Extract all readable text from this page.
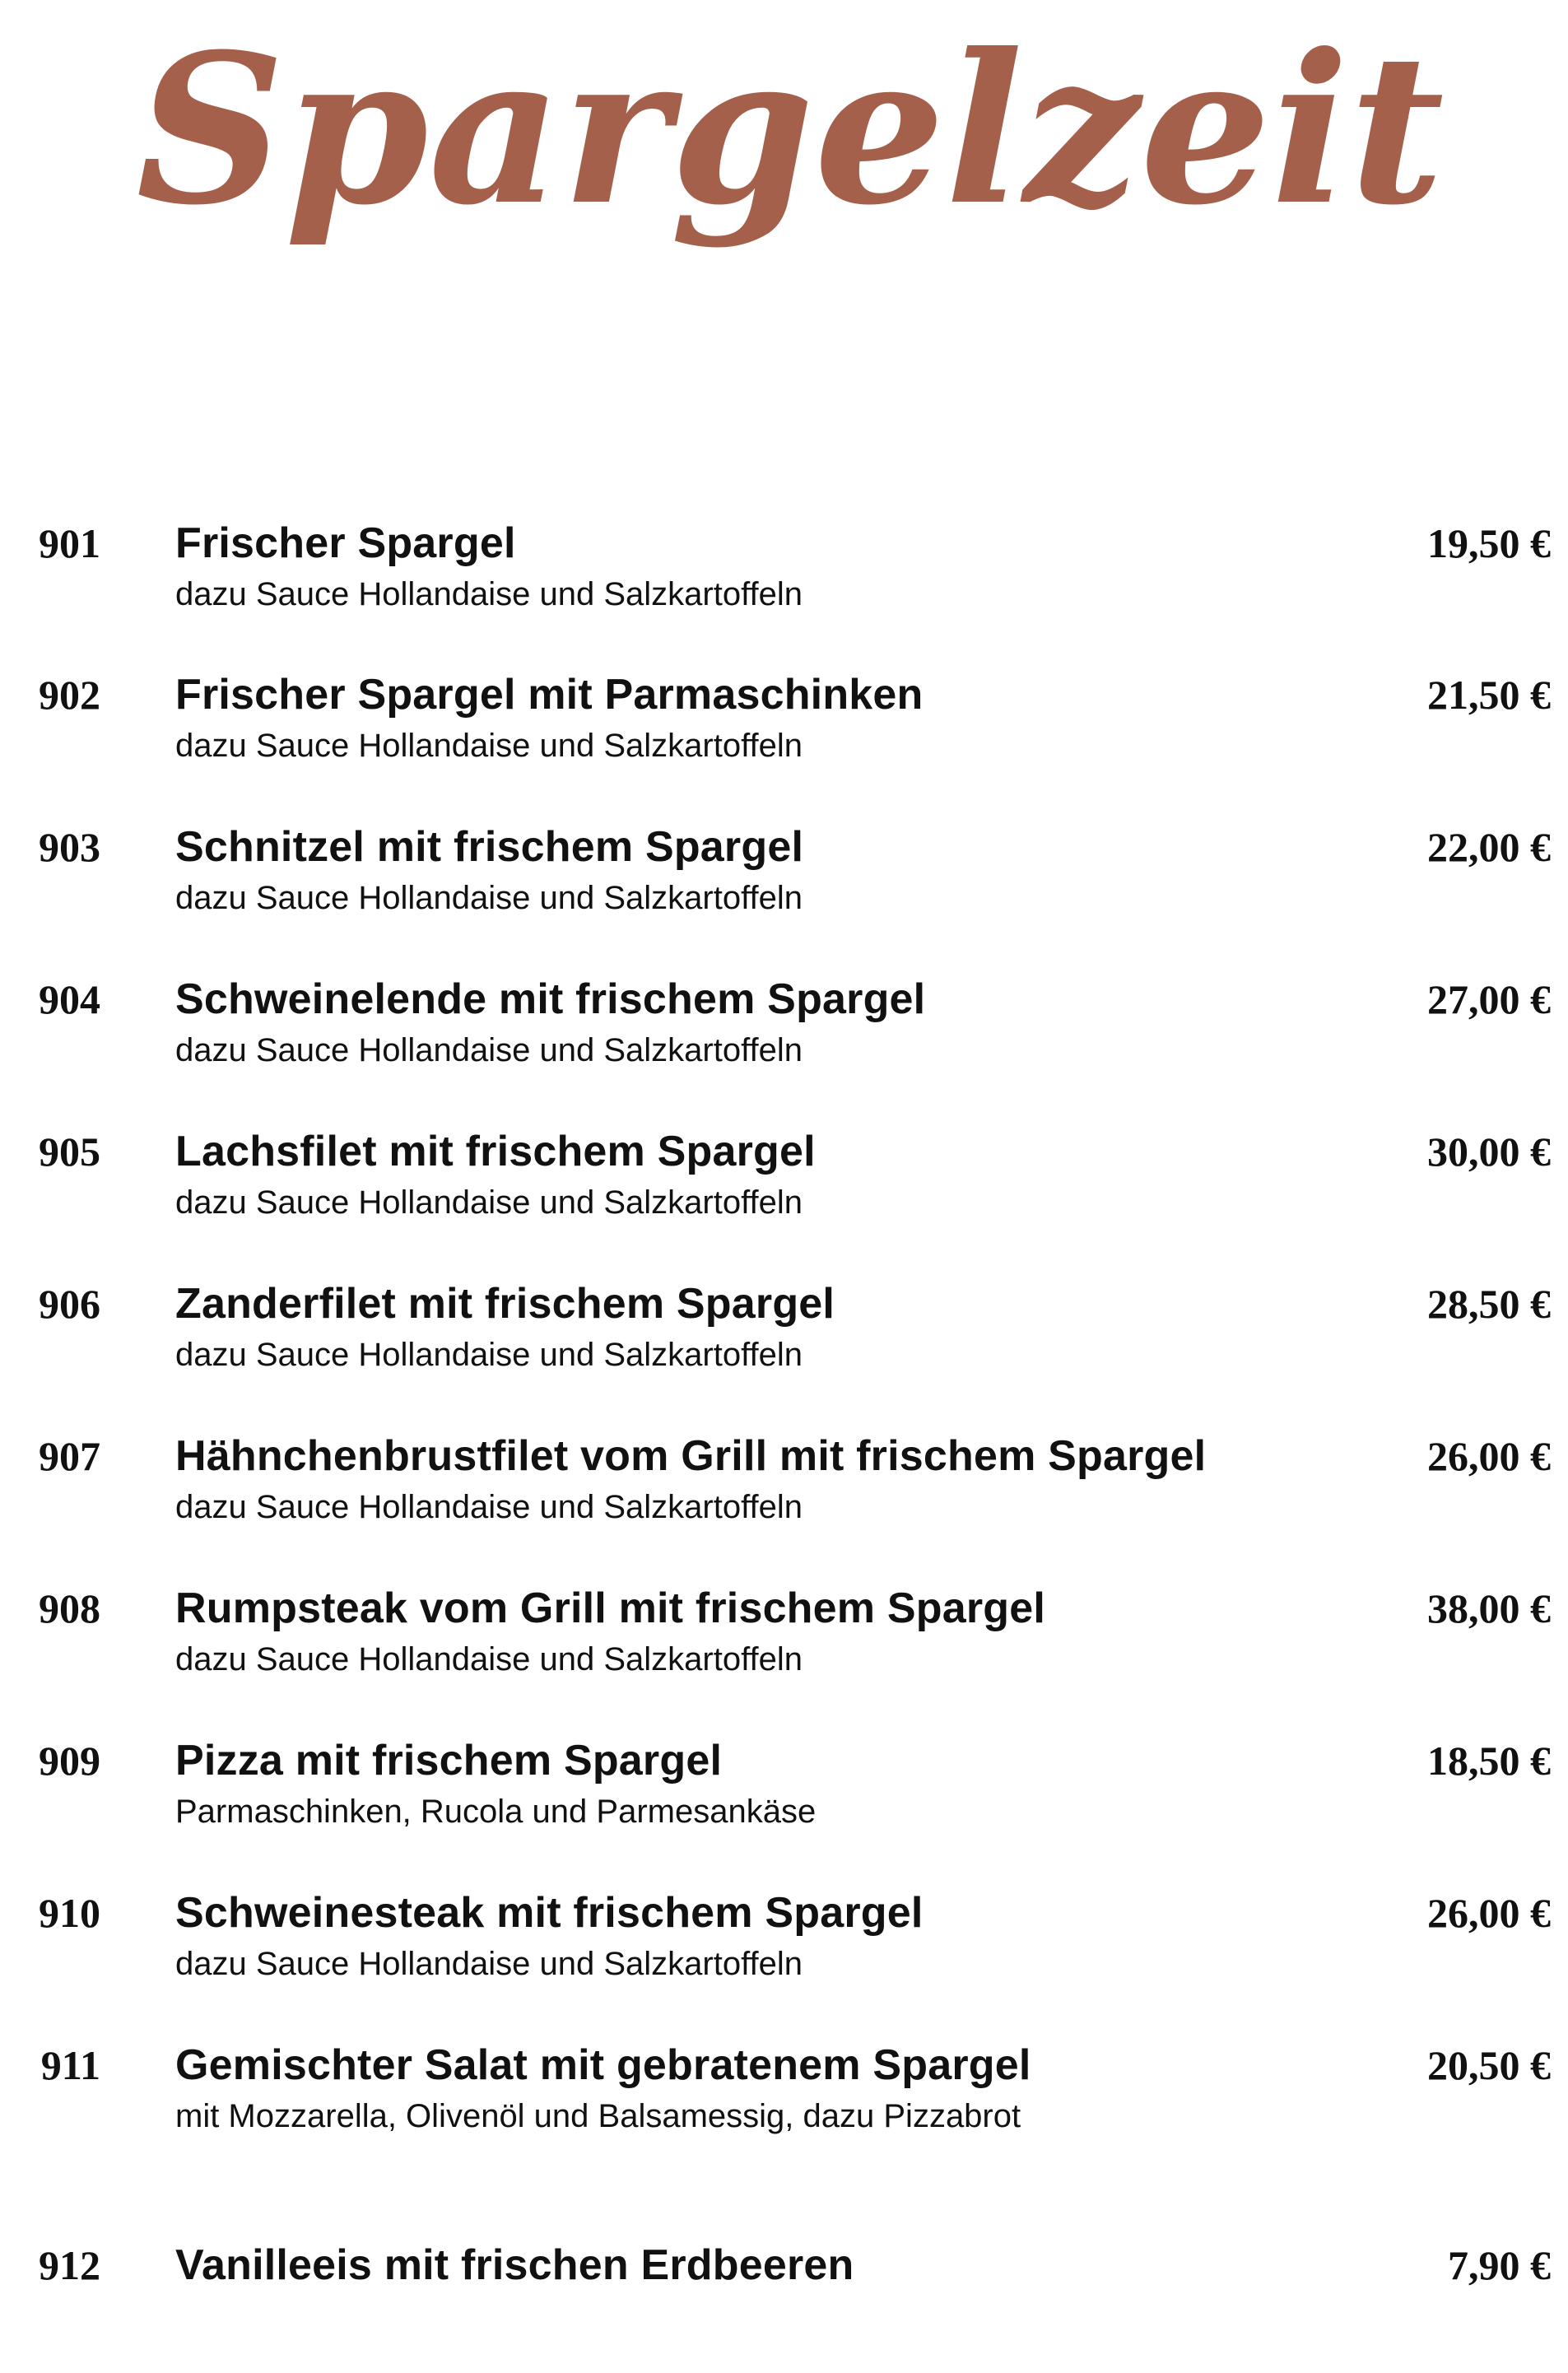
Spargelzeit
901 Frischer Spargel
dazu Sauce Hollandaise und Salzkartoffeln
19,50 €
902 Frischer Spargel mit Parmaschinken
dazu Sauce Hollandaise und Salzkartoffeln
21,50 €
903 Schnitzel mit frischem Spargel
dazu Sauce Hollandaise und Salzkartoffeln
22,00 €
904 Schweinelende mit frischem Spargel
dazu Sauce Hollandaise und Salzkartoffeln
27,00 €
905 Lachsfilet mit frischem Spargel
dazu Sauce Hollandaise und Salzkartoffeln
30,00 €
906 Zanderfilet mit frischem Spargel
dazu Sauce Hollandaise und Salzkartoffeln
28,50 €
907 Hähnchenbrustfilet vom Grill mit frischem Spargel
dazu Sauce Hollandaise und Salzkartoffeln
26,00 €
908 Rumpsteak vom Grill mit frischem Spargel
dazu Sauce Hollandaise und Salzkartoffeln
38,00 €
909 Pizza mit frischem Spargel
Parmaschinken, Rucola und Parmesankäse
18,50 €
910 Schweinesteak mit frischem Spargel
dazu Sauce Hollandaise und Salzkartoffeln
26,00 €
911 Gemischter Salat mit gebratenem Spargel
mit Mozzarella, Olivenöl und Balsamessig, dazu Pizzabrot
20,50 €
912 Vanilleeis mit frischen Erdbeeren	7,90 €
